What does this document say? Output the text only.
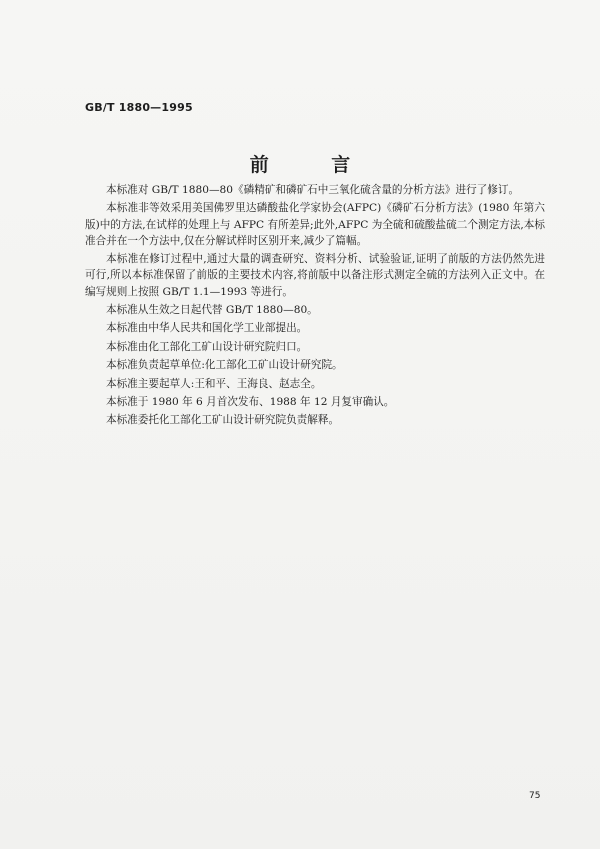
GB/T 1880—1995
前 言

本标准对 GB/T 1880—80《磷精矿和磷矿石中三氧化硫含量的分析方法》进行了修订。

本标准非等效采用美国佛罗里达磷酸盐化学家协会(AFPC)《磷矿石分析方法》(1980 年第六版)中的方法,在试样的处理上与 AFPC 有所差异;此外,AFPC 为全硫和硫酸盐硫二个测定方法,本标准合并在一个方法中,仅在分解试样时区别开来,减少了篇幅。

本标准在修订过程中,通过大量的调查研究、资料分析、试验验证,证明了前版的方法仍然先进可行,所以本标准保留了前版的主要技术内容,将前版中以备注形式测定全硫的方法列入正文中。在编写规则上按照 GB/T 1.1—1993 等进行。

本标准从生效之日起代替 GB/T 1880—80。

本标准由中华人民共和国化学工业部提出。

本标准由化工部化工矿山设计研究院归口。

本标准负责起草单位:化工部化工矿山设计研究院。

本标准主要起草人:王和平、王海良、赵志全。

本标准于 1980 年 6 月首次发布、1988 年 12 月复审确认。

本标准委托化工部化工矿山设计研究院负责解释。

75
